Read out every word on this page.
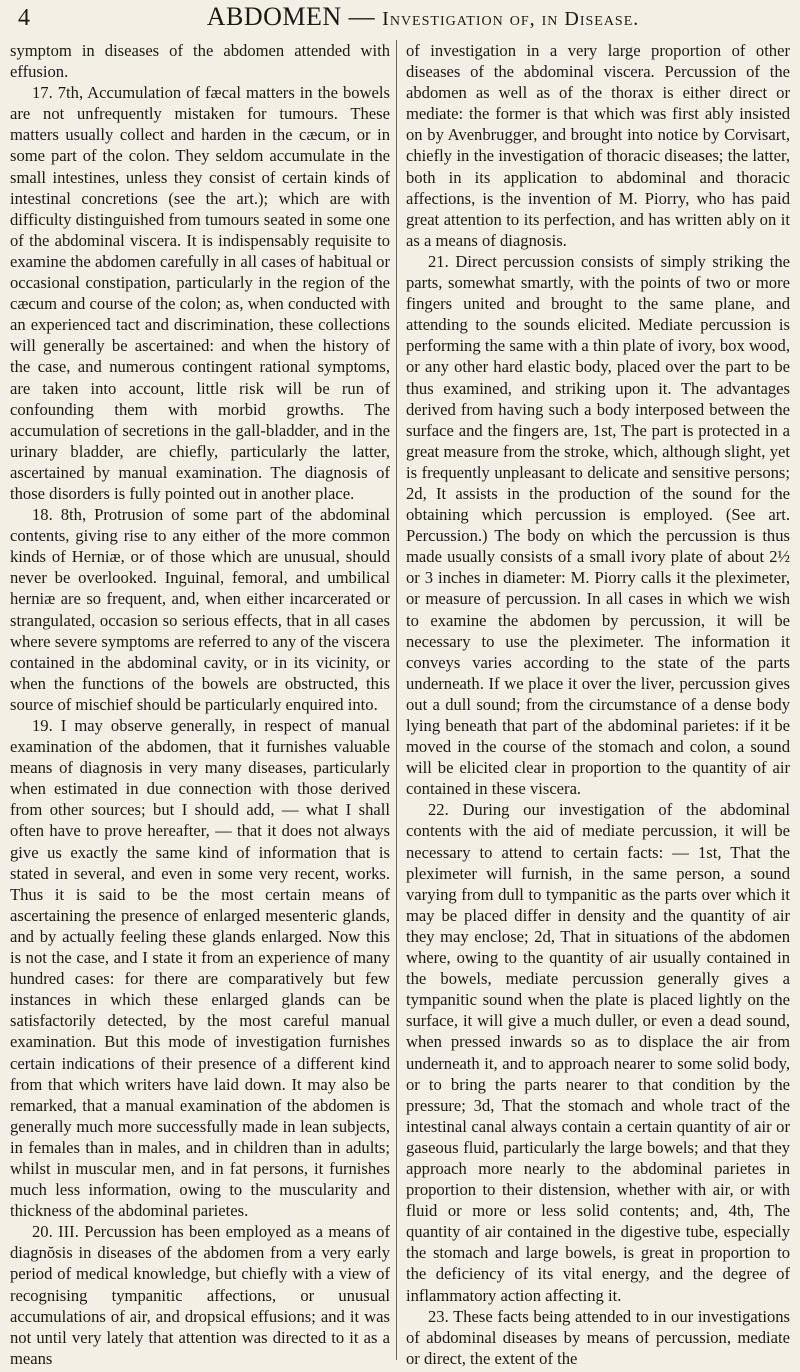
4	ABDOMEN — Investigation of, in Disease.

symptom in diseases of the abdomen attended with effusion.

17. 7th, Accumulation of fæcal matters in the bowels are not unfrequently mistaken for tumours. These matters usually collect and harden in the cæcum, or in some part of the colon. They seldom accumulate in the small intestines, unless they consist of certain kinds of intestinal concretions (see the art.); which are with difficulty distinguished from tumours seated in some one of the abdominal viscera. It is indispensably requisite to examine the abdomen carefully in all cases of habitual or occasional constipation, particularly in the region of the cæcum and course of the colon; as, when conducted with an experienced tact and discrimination, these collections will generally be ascertained: and when the history of the case, and numerous contingent rational symptoms, are taken into account, little risk will be run of confounding them with morbid growths. The accumulation of secretions in the gall-bladder, and in the urinary bladder, are chiefly, particularly the latter, ascertained by manual examination. The diagnosis of those disorders is fully pointed out in another place.

18. 8th, Protrusion of some part of the abdominal contents, giving rise to any either of the more common kinds of Herniæ, or of those which are unusual, should never be overlooked. Inguinal, femoral, and umbilical herniæ are so frequent, and, when either incarcerated or strangulated, occasion so serious effects, that in all cases where severe symptoms are referred to any of the viscera contained in the abdominal cavity, or in its vicinity, or when the functions of the bowels are obstructed, this source of mischief should be particularly enquired into.

19. I may observe generally, in respect of manual examination of the abdomen, that it furnishes valuable means of diagnosis in very many diseases, particularly when estimated in due connection with those derived from other sources; but I should add, — what I shall often have to prove hereafter, — that it does not always give us exactly the same kind of information that is stated in several, and even in some very recent, works. Thus it is said to be the most certain means of ascertaining the presence of enlarged mesenteric glands, and by actually feeling these glands enlarged. Now this is not the case, and I state it from an experience of many hundred cases: for there are comparatively but few instances in which these enlarged glands can be satisfactorily detected, by the most careful manual examination. But this mode of investigation furnishes certain indications of their presence of a different kind from that which writers have laid down. It may also be remarked, that a manual examination of the abdomen is generally much more successfully made in lean subjects, in females than in males, and in children than in adults; whilst in muscular men, and in fat persons, it furnishes much less information, owing to the muscularity and thickness of the abdominal parietes.

20. III. Percussion has been employed as a means of diagnŏsis in diseases of the abdomen from a very early period of medical knowledge, but chiefly with a view of recognising tympanitic affections, or unusual accumulations of air, and dropsical effusions; and it was not until very lately that attention was directed to it as a means

of investigation in a very large proportion of other diseases of the abdominal viscera. Percussion of the abdomen as well as of the thorax is either direct or mediate: the former is that which was first ably insisted on by Avenbrugger, and brought into notice by Corvisart, chiefly in the investigation of thoracic diseases; the latter, both in its application to abdominal and thoracic affections, is the invention of M. Piorry, who has paid great attention to its perfection, and has written ably on it as a means of diagnosis.

21. Direct percussion consists of simply striking the parts, somewhat smartly, with the points of two or more fingers united and brought to the same plane, and attending to the sounds elicited. Mediate percussion is performing the same with a thin plate of ivory, box wood, or any other hard elastic body, placed over the part to be thus examined, and striking upon it. The advantages derived from having such a body interposed between the surface and the fingers are, 1st, The part is protected in a great measure from the stroke, which, although slight, yet is frequently unpleasant to delicate and sensitive persons; 2d, It assists in the production of the sound for the obtaining which percussion is employed. (See art. Percussion.) The body on which the percussion is thus made usually consists of a small ivory plate of about 2½ or 3 inches in diameter: M. Piorry calls it the pleximeter, or measure of percussion. In all cases in which we wish to examine the abdomen by percussion, it will be necessary to use the pleximeter. The information it conveys varies according to the state of the parts underneath. If we place it over the liver, percussion gives out a dull sound; from the circumstance of a dense body lying beneath that part of the abdominal parietes: if it be moved in the course of the stomach and colon, a sound will be elicited clear in proportion to the quantity of air contained in these viscera.

22. During our investigation of the abdominal contents with the aid of mediate percussion, it will be necessary to attend to certain facts: — 1st, That the pleximeter will furnish, in the same person, a sound varying from dull to tympanitic as the parts over which it may be placed differ in density and the quantity of air they may enclose; 2d, That in situations of the abdomen where, owing to the quantity of air usually contained in the bowels, mediate percussion generally gives a tympanitic sound when the plate is placed lightly on the surface, it will give a much duller, or even a dead sound, when pressed inwards so as to displace the air from underneath it, and to approach nearer to some solid body, or to bring the parts nearer to that condition by the pressure; 3d, That the stomach and whole tract of the intestinal canal always contain a certain quantity of air or gaseous fluid, particularly the large bowels; and that they approach more nearly to the abdominal parietes in proportion to their distension, whether with air, or with fluid or more or less solid contents; and, 4th, The quantity of air contained in the digestive tube, especially the stomach and large bowels, is great in proportion to the deficiency of its vital energy, and the degree of inflammatory action affecting it.

23. These facts being attended to in our investigations of abdominal diseases by means of percussion, mediate or direct, the extent of the
